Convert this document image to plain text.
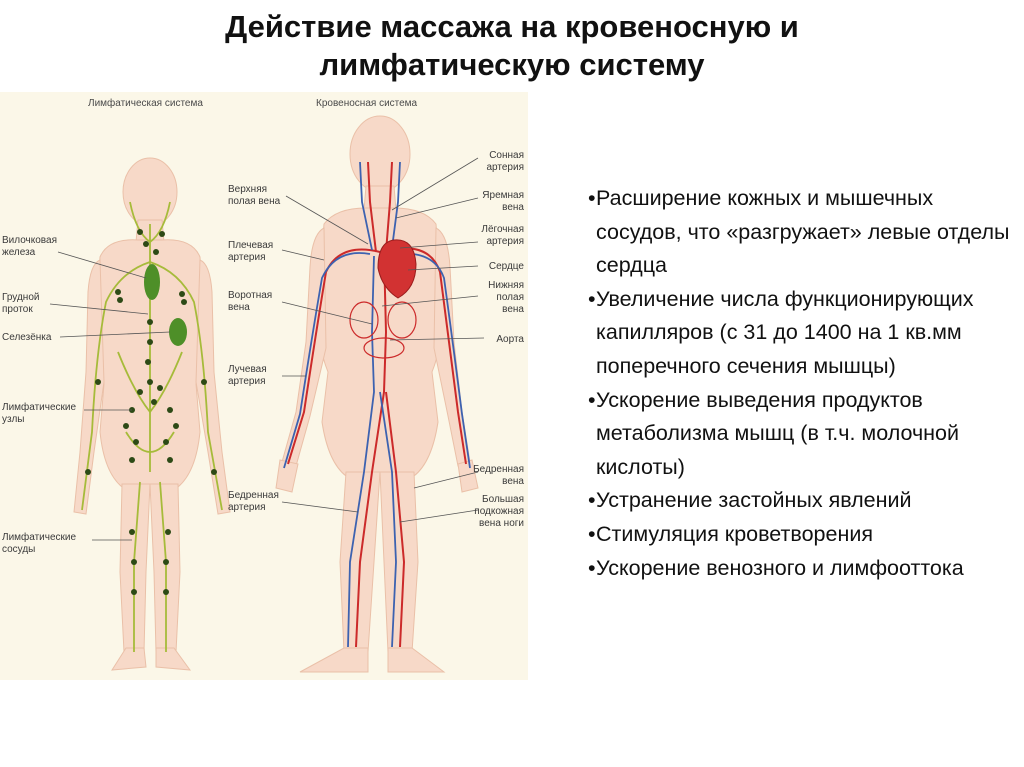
Действие массажа на кровеносную и
лимфатическую систему
Лимфатическая система	Кровеносная система
Вилочковая
железа
Грудной
проток
Селезёнка
Лимфатические
узлы
Лимфатические
сосуды
Верхняя
полая вена
Плечевая
артерия
Воротная
вена
Лучевая
артерия
Бедренная
артерия
Сонная
артерия
Яремная
вена
Лёгочная
артерия
Сердце
Нижняя
полая
вена
Аорта
Бедренная
вена
Большая
подкожная
вена ноги
• Расширение кожных и мышечных сосудов, что «разгружает» левые отделы сердца
• Увеличение числа функционирующих капилляров (с 31 до 1400 на 1 кв.мм поперечного сечения мышцы)
• Ускорение выведения продуктов метаболизма мышц (в т.ч. молочной кислоты)
• Устранение застойных явлений
• Стимуляция кроветворения
• Ускорение венозного и лимфооттока
